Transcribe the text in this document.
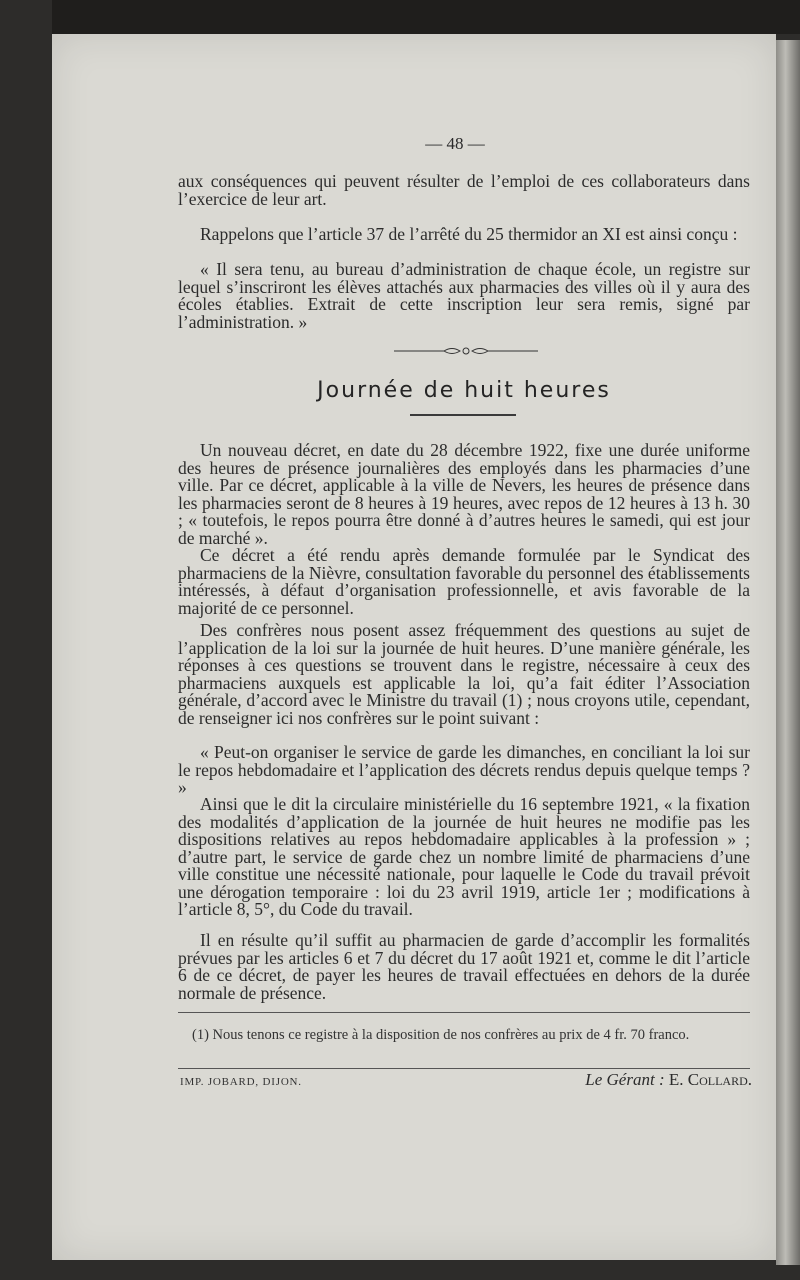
— 48 —

aux conséquences qui peuvent résulter de l’emploi de ces collaborateurs dans l’exercice de leur art.

Rappelons que l’article 37 de l’arrêté du 25 thermidor an XI est ainsi conçu :

« Il sera tenu, au bureau d’administration de chaque école, un registre sur lequel s’inscriront les élèves attachés aux pharmacies des villes où il y aura des écoles établies. Extrait de cette inscription leur sera remis, signé par l’administration. »

Journée de huit heures

Un nouveau décret, en date du 28 décembre 1922, fixe une durée uniforme des heures de présence journalières des employés dans les pharmacies d’une ville. Par ce décret, applicable à la ville de Nevers, les heures de présence dans les pharmacies seront de 8 heures à 19 heures, avec repos de 12 heures à 13 h. 30 ; « toutefois, le repos pourra être donné à d’autres heures le samedi, qui est jour de marché ».

Ce décret a été rendu après demande formulée par le Syndicat des pharmaciens de la Nièvre, consultation favorable du personnel des établissements intéressés, à défaut d’organisation professionnelle, et avis favorable de la majorité de ce personnel.

Des confrères nous posent assez fréquemment des questions au sujet de l’application de la loi sur la journée de huit heures. D’une manière générale, les réponses à ces questions se trouvent dans le registre, nécessaire à ceux des pharmaciens auxquels est applicable la loi, qu’a fait éditer l’Association générale, d’accord avec le Ministre du travail (1) ; nous croyons utile, cependant, de renseigner ici nos confrères sur le point suivant :

« Peut-on organiser le service de garde les dimanches, en conciliant la loi sur le repos hebdomadaire et l’application des décrets rendus depuis quelque temps ? »

Ainsi que le dit la circulaire ministérielle du 16 septembre 1921, « la fixation des modalités d’application de la journée de huit heures ne modifie pas les dispositions relatives au repos hebdomadaire applicables à la profession » ; d’autre part, le service de garde chez un nombre limité de pharmaciens d’une ville constitue une nécessité nationale, pour laquelle le Code du travail prévoit une dérogation temporaire : loi du 23 avril 1919, article 1er ; modifications à l’article 8, 5°, du Code du travail.

Il en résulte qu’il suffit au pharmacien de garde d’accomplir les formalités prévues par les articles 6 et 7 du décret du 17 août 1921 et, comme le dit l’article 6 de ce décret, de payer les heures de travail effectuées en dehors de la durée normale de présence.

(1) Nous tenons ce registre à la disposition de nos confrères au prix de 4 fr. 70 franco.

IMP. JOBARD, DIJON.	Le Gérant : E. Collard.
